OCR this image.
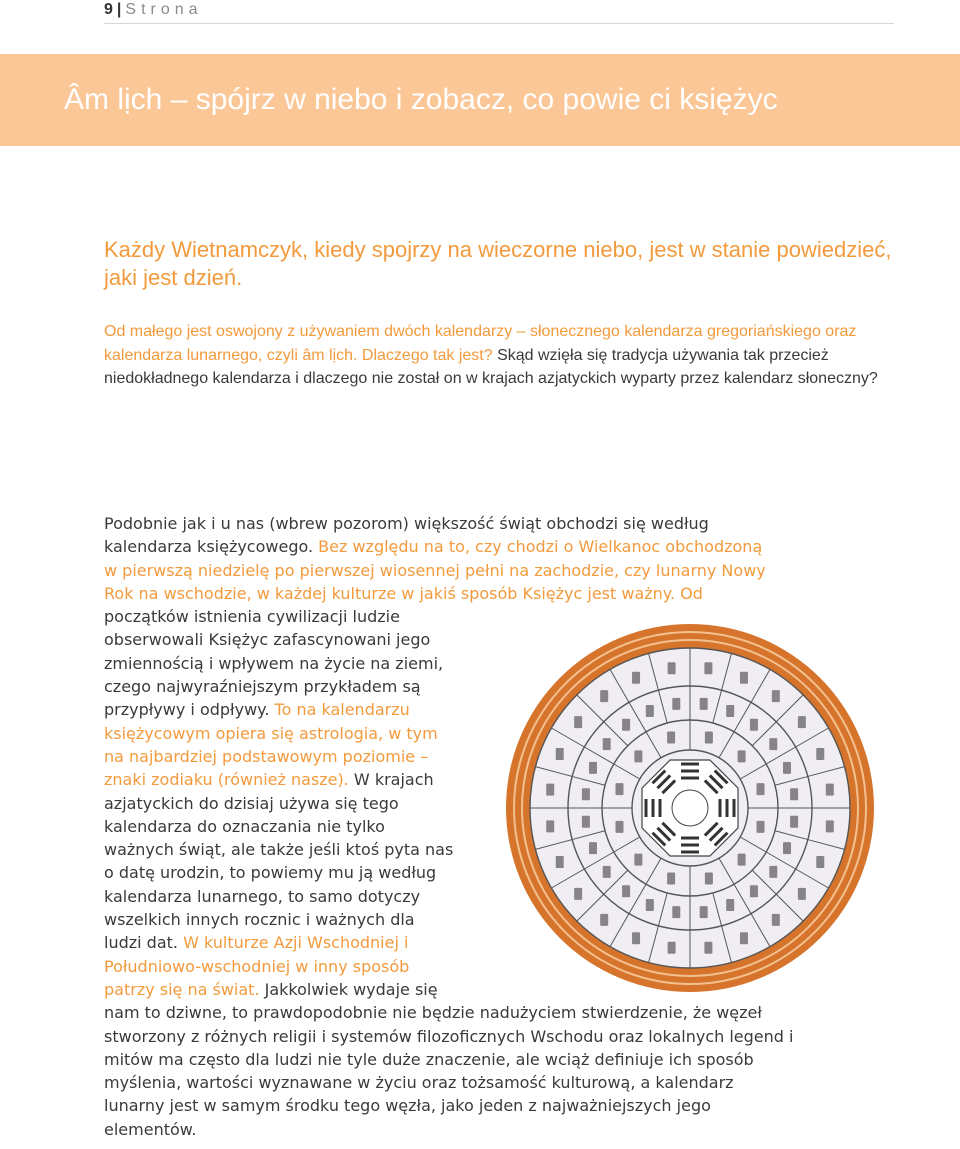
9 | Strona
Âm lịch – spójrz w niebo i zobacz, co powie ci księżyc

Każdy Wietnamczyk, kiedy spojrzy na wieczorne niebo, jest w stanie powiedzieć, jaki jest dzień.

Od małego jest oswojony z używaniem dwóch kalendarzy – słonecznego kalendarza gregoriańskiego oraz kalendarza lunarnego, czyli âm lịch. Dlaczego tak jest? Skąd wzięła się tradycja używania tak przecież niedokładnego kalendarza i dlaczego nie został on w krajach azjatyckich wyparty przez kalendarz słoneczny?

Podobnie jak i u nas (wbrew pozorom) większość świąt obchodzi się według
kalendarza księżycowego. Bez względu na to, czy chodzi o Wielkanoc obchodzoną
w pierwszą niedzielę po pierwszej wiosennej pełni na zachodzie, czy lunarny Nowy
Rok na wschodzie, w każdej kulturze w jakiś sposób Księżyc jest ważny. Od
początków istnienia cywilizacji ludzie
obserwowali Księżyc zafascynowani jego
zmiennością i wpływem na życie na ziemi,
czego najwyraźniejszym przykładem są
przypływy i odpływy. To na kalendarzu
księżycowym opiera się astrologia, w tym
na najbardziej podstawowym poziomie –
znaki zodiaku (również nasze). W krajach
azjatyckich do dzisiaj używa się tego
kalendarza do oznaczania nie tylko
ważnych świąt, ale także jeśli ktoś pyta nas
o datę urodzin, to powiemy mu ją według
kalendarza lunarnego, to samo dotyczy
wszelkich innych rocznic i ważnych dla
ludzi dat. W kulturze Azji Wschodniej i
Południowo-wschodniej w inny sposób
patrzy się na świat. Jakkolwiek wydaje się
nam to dziwne, to prawdopodobnie nie będzie nadużyciem stwierdzenie, że węzeł
stworzony z różnych religii i systemów filozoficznych Wschodu oraz lokalnych legend i
mitów ma często dla ludzi nie tyle duże znaczenie, ale wciąż definiuje ich sposób
myślenia, wartości wyznawane w życiu oraz tożsamość kulturową, a kalendarz
lunarny jest w samym środku tego węzła, jako jeden z najważniejszych jego
elementów.
